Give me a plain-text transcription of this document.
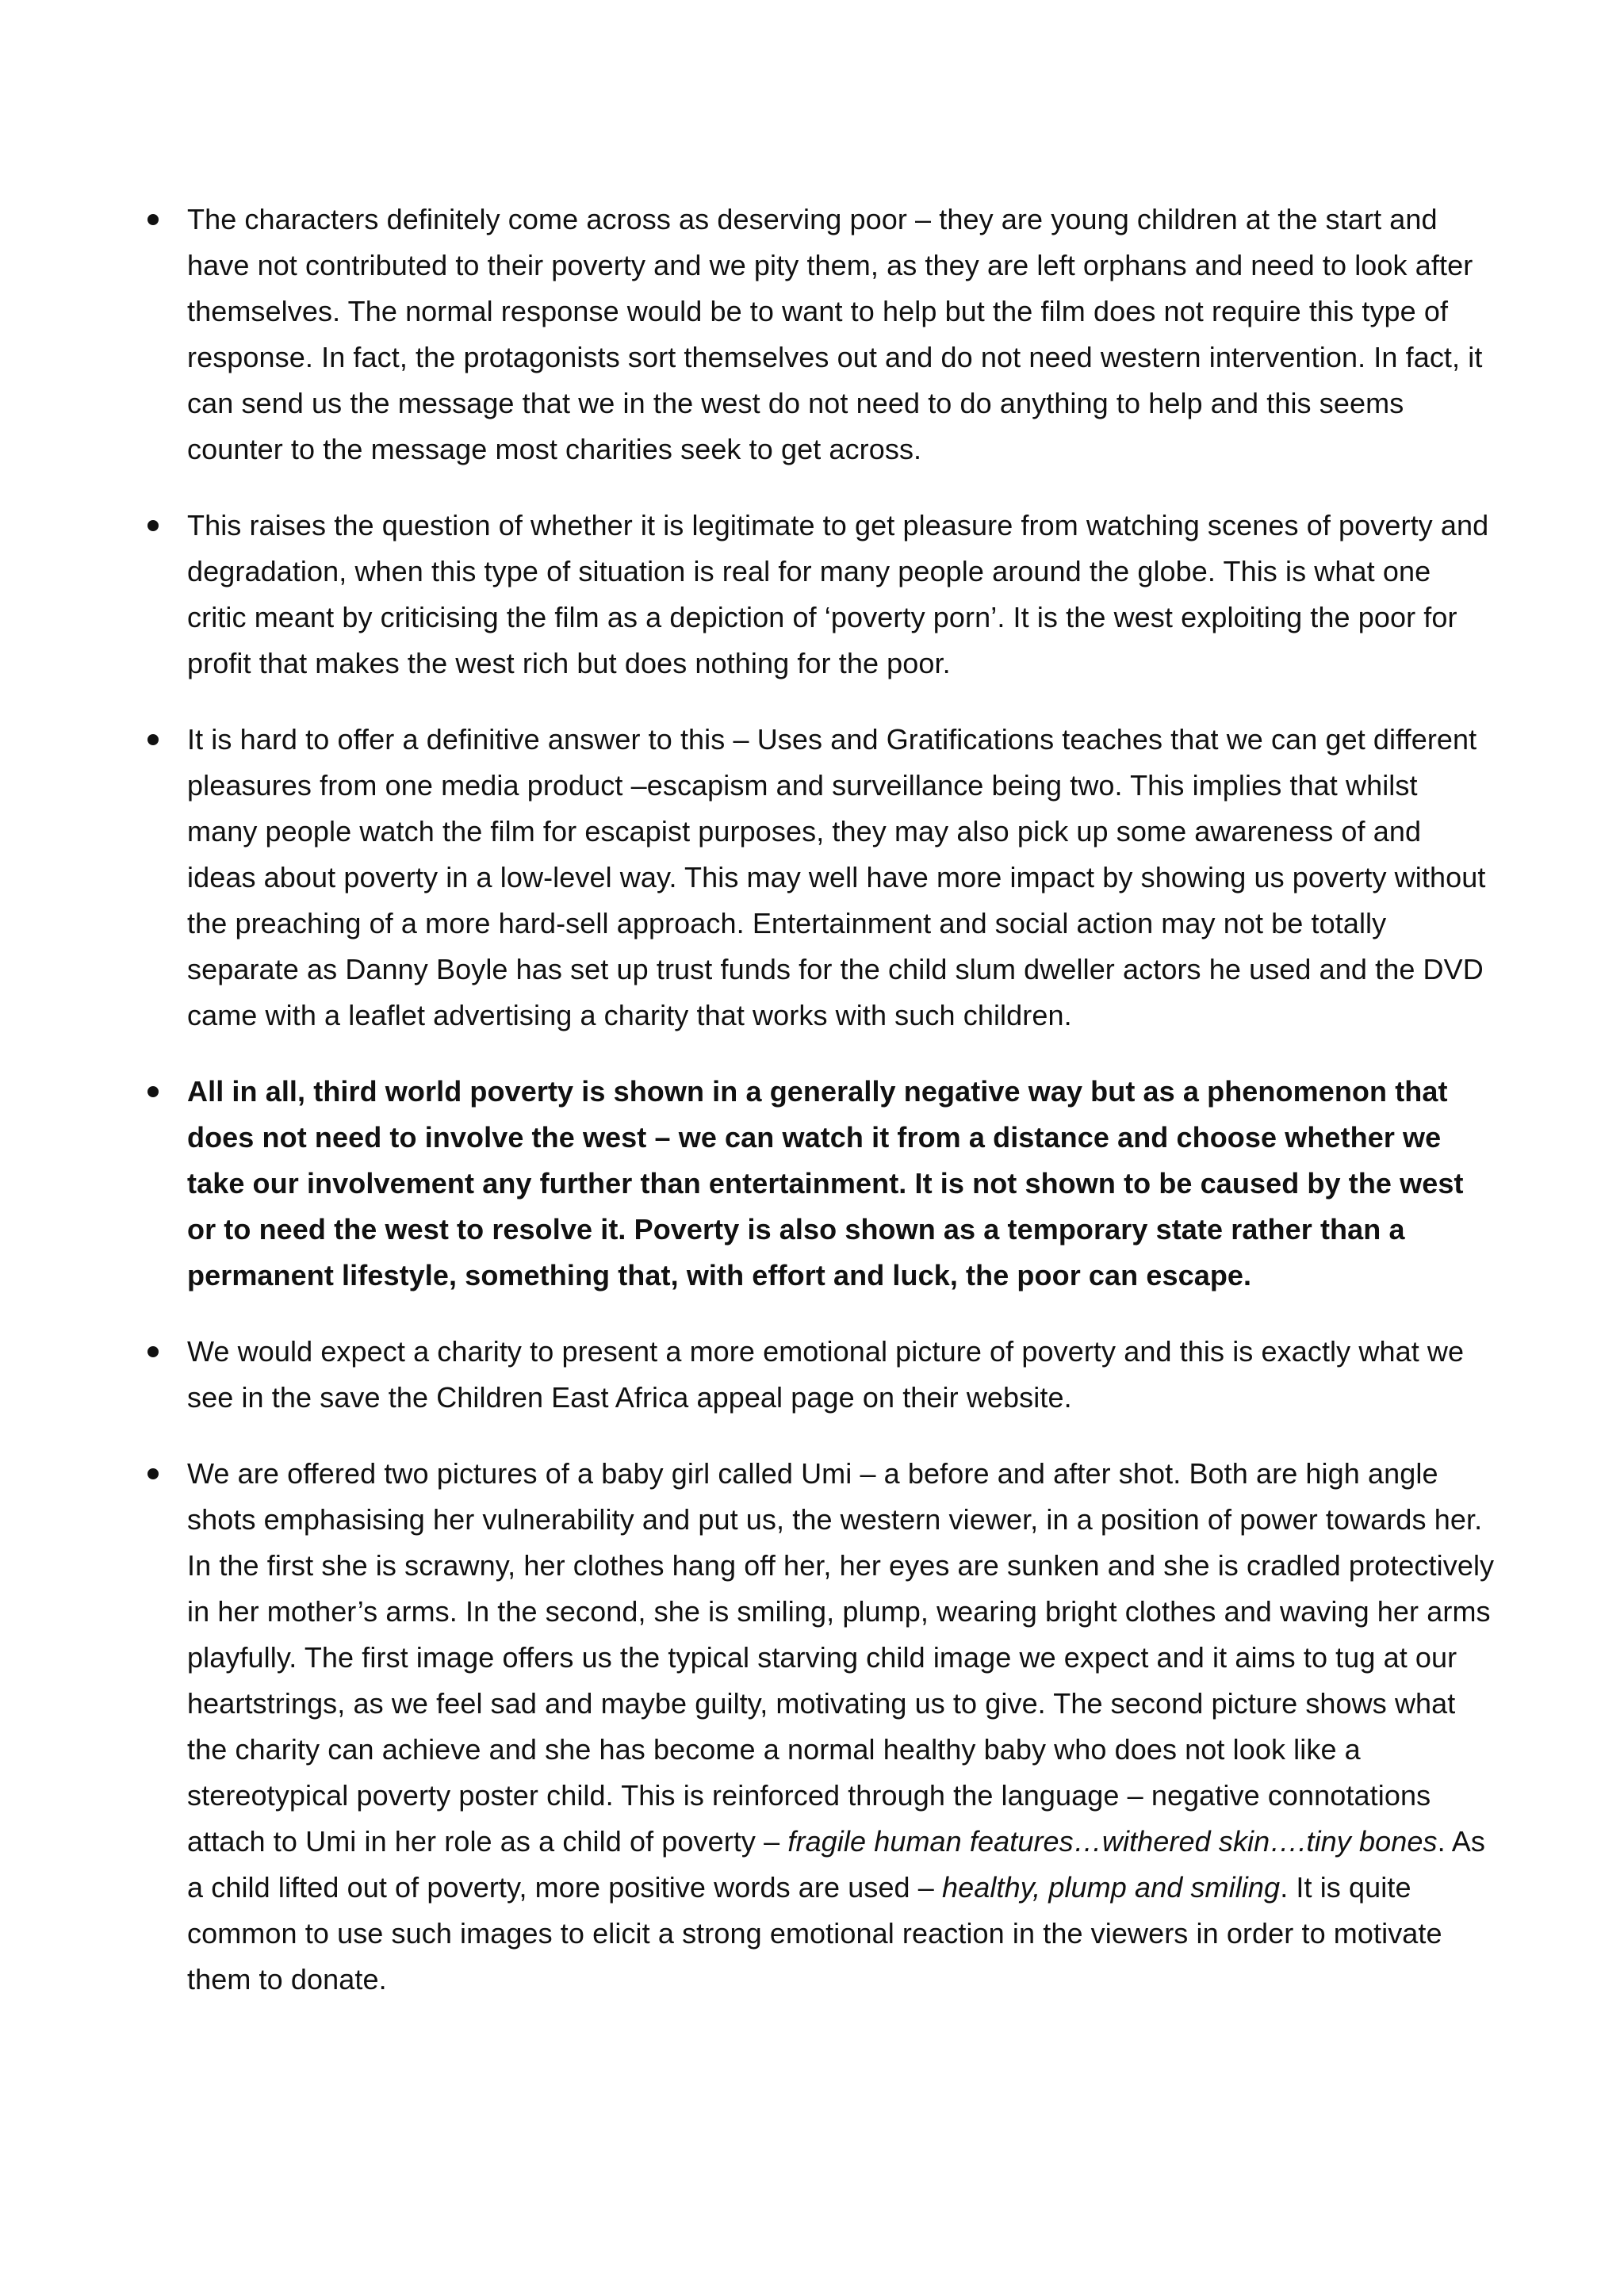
The characters definitely come across as deserving poor – they are young children at the start and have not contributed to their poverty and we pity them, as they are left orphans and need to look after themselves. The normal response would be to want to help but the film does not require this type of response. In fact, the protagonists sort themselves out and do not need western intervention. In fact, it can send us the message that we in the west do not need to do anything to help and this seems counter to the message most charities seek to get across.
This raises the question of whether it is legitimate to get pleasure from watching scenes of poverty and degradation, when this type of situation is real for many people around the globe. This is what one critic meant by criticising the film as a depiction of ‘poverty porn’. It is the west exploiting the poor for profit that makes the west rich but does nothing for the poor.
It is hard to offer a definitive answer to this – Uses and Gratifications teaches that we can get different pleasures from one media product –escapism and surveillance being two. This implies that whilst many people watch the film for escapist purposes, they may also pick up some awareness of and ideas about poverty in a low-level way. This may well have more impact by showing us poverty without the preaching of a more hard-sell approach. Entertainment and social action may not be totally separate as Danny Boyle has set up trust funds for the child slum dweller actors he used and the DVD came with a leaflet advertising a charity that works with such children.
All in all, third world poverty is shown in a generally negative way but as a phenomenon that does not need to involve the west – we can watch it from a distance and choose whether we take our involvement any further than entertainment. It is not shown to be caused by the west or to need the west to resolve it. Poverty is also shown as a temporary state rather than a permanent lifestyle, something that, with effort and luck, the poor can escape.
We would expect a charity to present a more emotional picture of poverty and this is exactly what we see in the save the Children East Africa appeal page on their website.
We are offered two pictures of a baby girl called Umi – a before and after shot. Both are high angle shots emphasising her vulnerability and put us, the western viewer, in a position of power towards her. In the first she is scrawny, her clothes hang off her, her eyes are sunken and she is cradled protectively in her mother’s arms. In the second, she is smiling, plump, wearing bright clothes and waving her arms playfully. The first image offers us the typical starving child image we expect and it aims to tug at our heartstrings, as we feel sad and maybe guilty, motivating us to give. The second picture shows what the charity can achieve and she has become a normal healthy baby who does not look like a stereotypical poverty poster child. This is reinforced through the language – negative connotations attach to Umi in her role as a child of poverty – fragile human features…withered skin….tiny bones. As a child lifted out of poverty, more positive words are used – healthy, plump and smiling. It is quite common to use such images to elicit a strong emotional reaction in the viewers in order to motivate them to donate.
